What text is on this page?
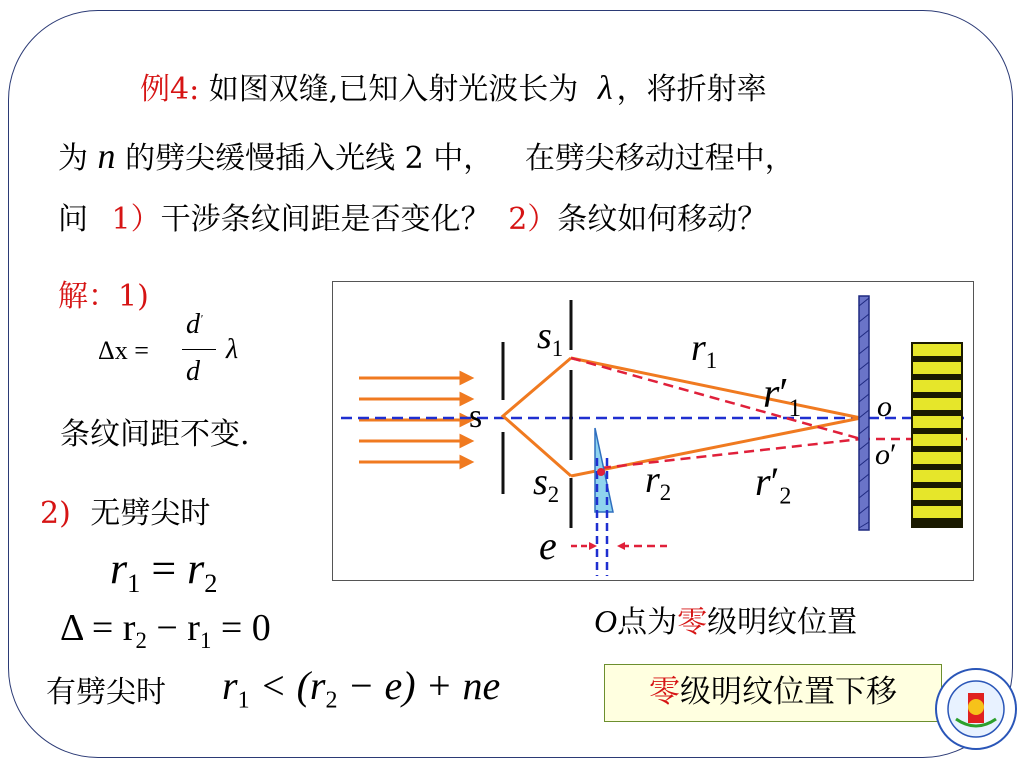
例4: 如图双缝,已知入射光波长为 λ ，将折射率
为 n 的劈尖缓慢插入光线 2 中， 在劈尖移动过程中，
问 1）干涉条纹间距是否变化？ 2）条纹如何移动？
解：1)
Δx =
d'
d
λ
条纹间距不变.
2) 无劈尖时
$r_1 = r_2$
$\Delta = r_2 - r_1 = 0$
有劈尖时 $r_1 < (r_2 - e)$ + ne
O点为零级明纹位置
零级明纹位置下移
s
$s_1$
$s_2$
$r_1$
$r'_1$
$r_2$ $r'_2$
o
o′
e
